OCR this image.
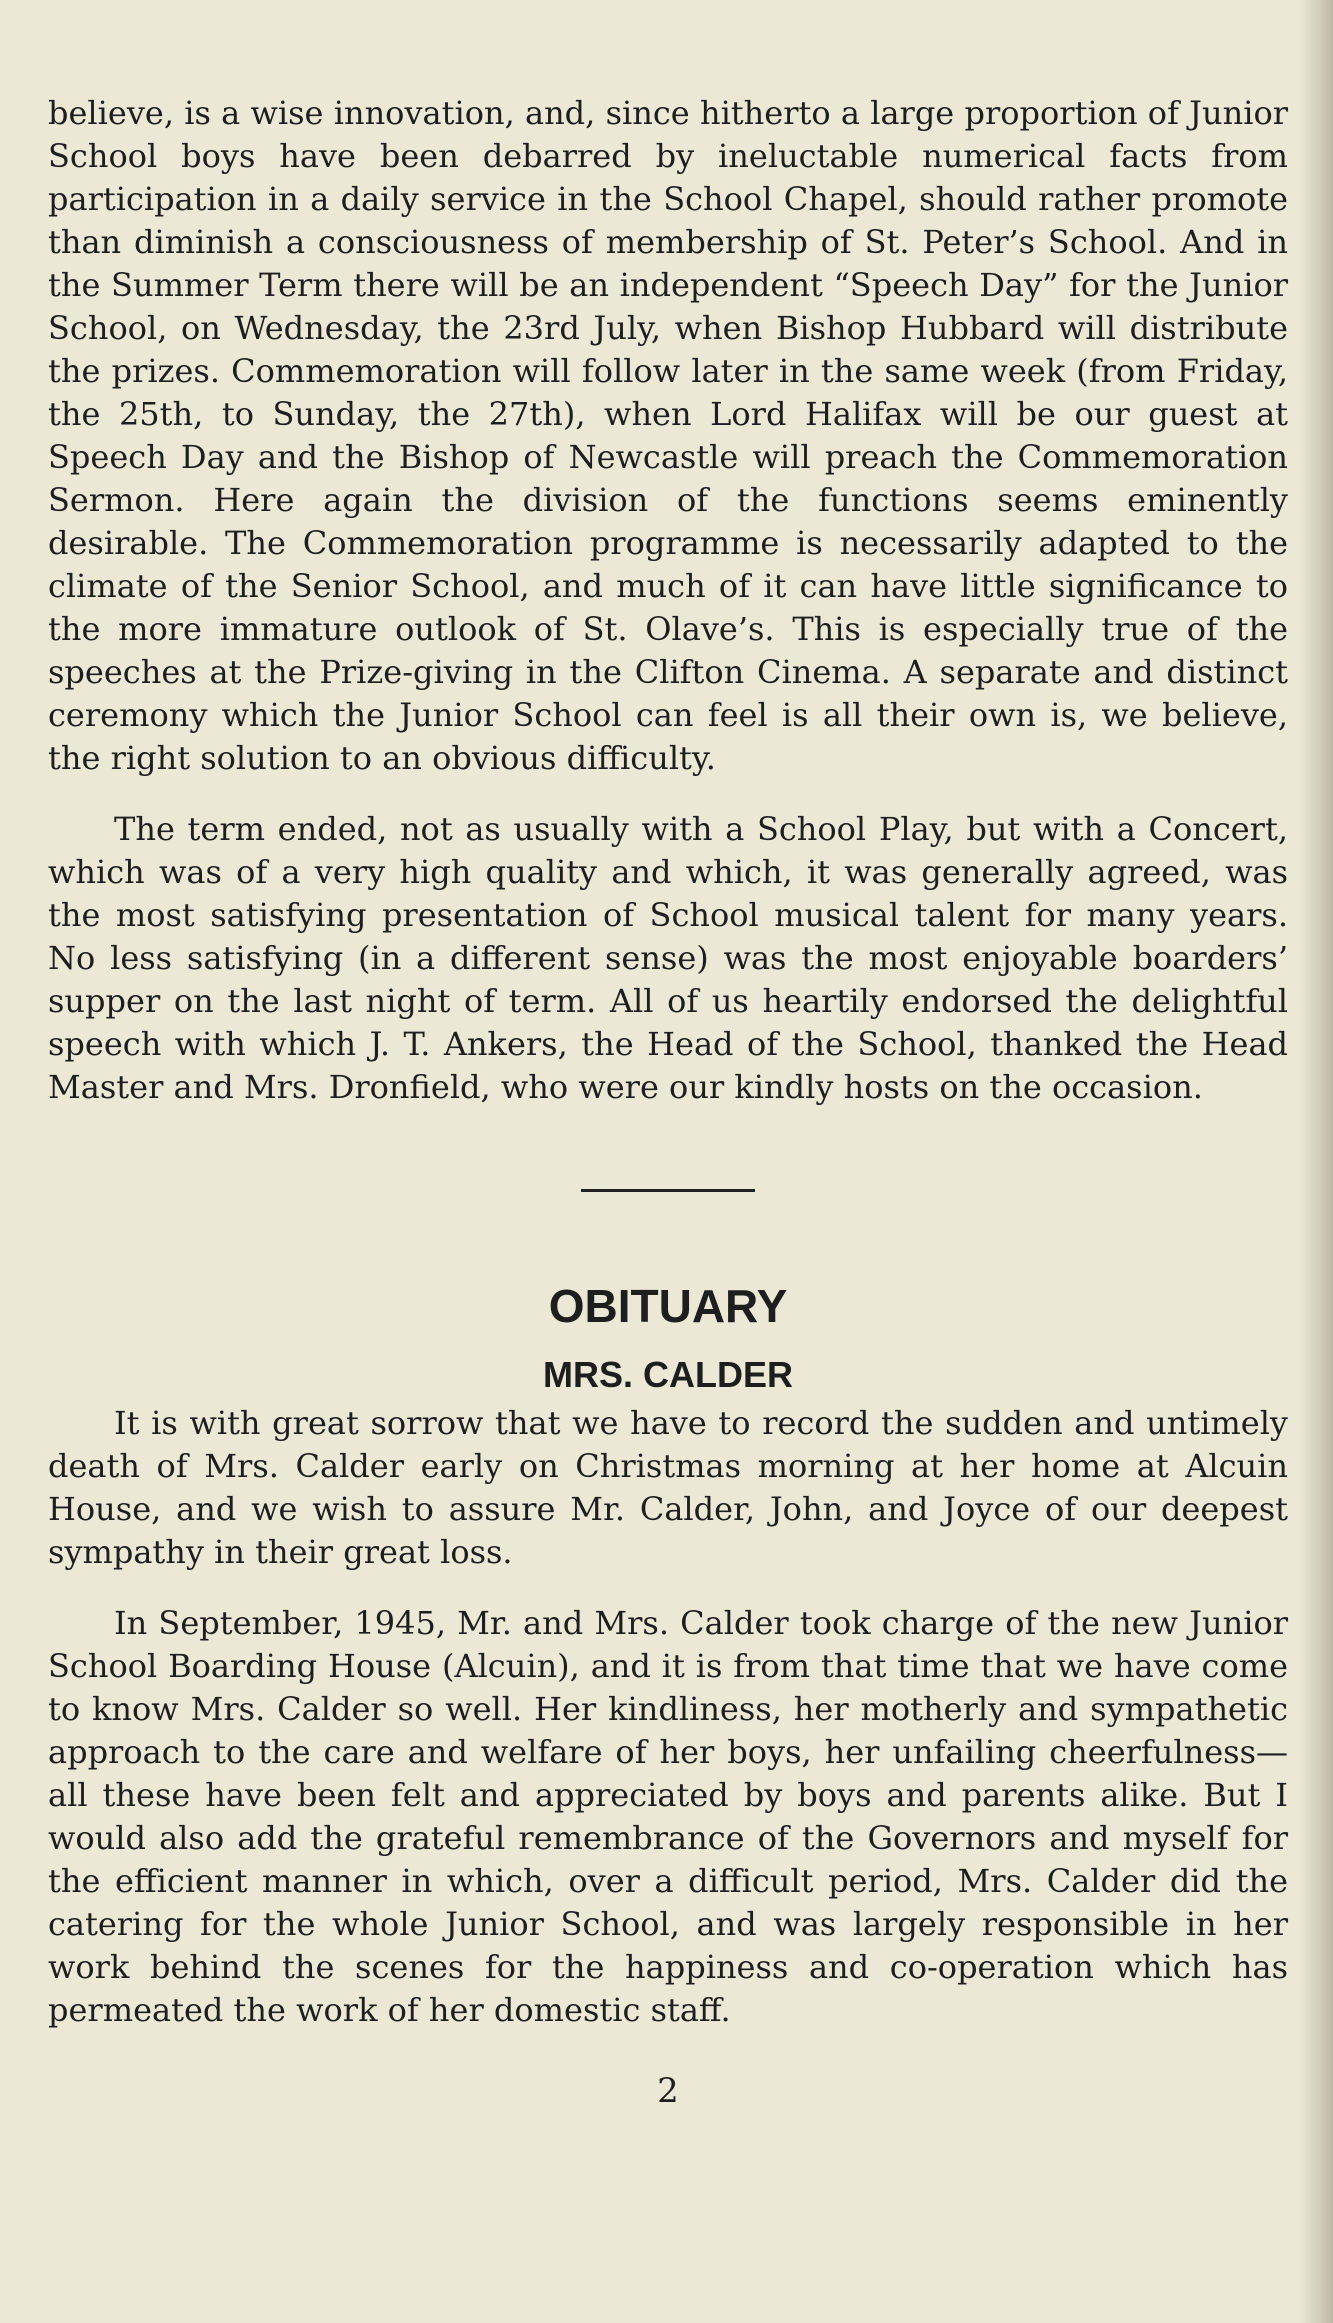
believe, is a wise innovation, and, since hitherto a large proportion of Junior School boys have been debarred by ineluctable numerical facts from participation in a daily service in the School Chapel, should rather promote than diminish a consciousness of membership of St. Peter’s School. And in the Summer Term there will be an independent “Speech Day” for the Junior School, on Wednesday, the 23rd July, when Bishop Hubbard will distribute the prizes. Commemoration will follow later in the same week (from Friday, the 25th, to Sunday, the 27th), when Lord Halifax will be our guest at Speech Day and the Bishop of Newcastle will preach the Commemoration Sermon. Here again the division of the functions seems eminently desirable. The Commemoration programme is necessarily adapted to the climate of the Senior School, and much of it can have little significance to the more immature outlook of St. Olave’s. This is especially true of the speeches at the Prize-giving in the Clifton Cinema. A separate and distinct ceremony which the Junior School can feel is all their own is, we believe, the right solution to an obvious difficulty.

The term ended, not as usually with a School Play, but with a Concert, which was of a very high quality and which, it was generally agreed, was the most satisfying presentation of School musical talent for many years. No less satisfying (in a different sense) was the most enjoyable boarders’ supper on the last night of term. All of us heartily endorsed the delightful speech with which J. T. Ankers, the Head of the School, thanked the Head Master and Mrs. Dronfield, who were our kindly hosts on the occasion.

OBITUARY
MRS. CALDER

It is with great sorrow that we have to record the sudden and untimely death of Mrs. Calder early on Christmas morning at her home at Alcuin House, and we wish to assure Mr. Calder, John, and Joyce of our deepest sympathy in their great loss.

In September, 1945, Mr. and Mrs. Calder took charge of the new Junior School Boarding House (Alcuin), and it is from that time that we have come to know Mrs. Calder so well. Her kindliness, her motherly and sympathetic approach to the care and welfare of her boys, her unfailing cheerfulness—all these have been felt and appreciated by boys and parents alike. But I would also add the grateful remembrance of the Governors and myself for the efficient manner in which, over a difficult period, Mrs. Calder did the catering for the whole Junior School, and was largely responsible in her work behind the scenes for the happiness and co-operation which has permeated the work of her domestic staff.

2
